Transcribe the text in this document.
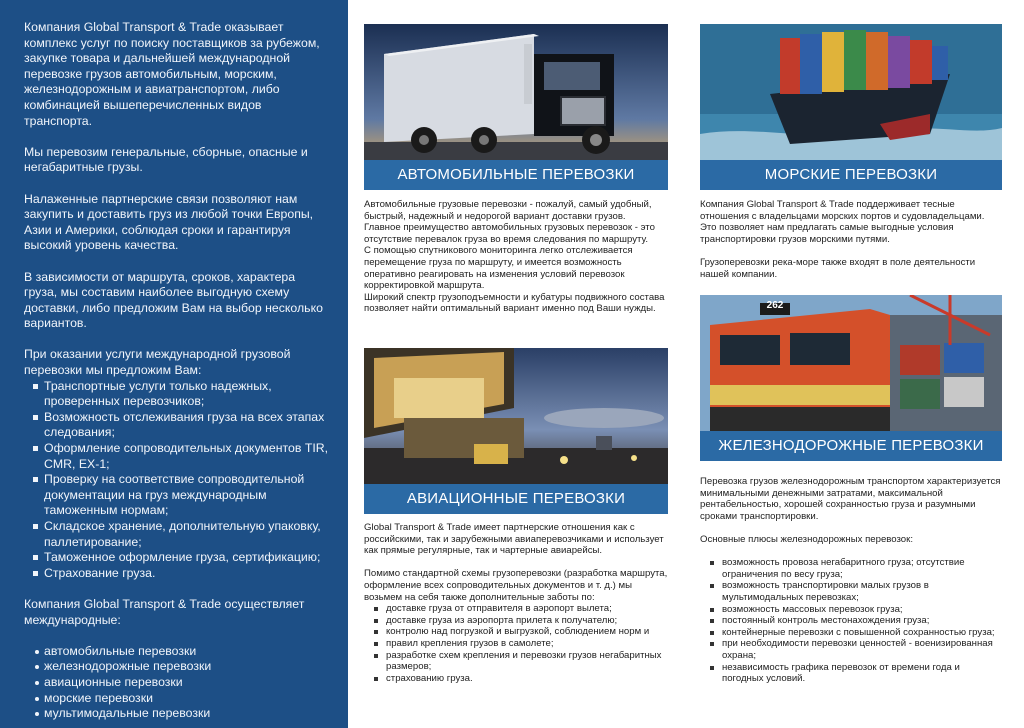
Компания Global Transport & Trade оказывает комплекс услуг по поиску поставщиков за рубежом, закупке товара и дальнейшей международной перевозке грузов автомобильным, морским, железнодорожным и авиатранспортом, либо комбинацией вышеперечисленных видов транспорта.

Мы перевозим генеральные, сборные, опасные и негабаритные грузы.

Налаженные партнерские связи позволяют нам закупить и доставить груз из любой точки Европы, Азии и Америки, соблюдая сроки и гарантируя высокий уровень качества.

В зависимости от маршрута, сроков, характера груза, мы составим наиболее выгодную схему доставки, либо предложим Вам на выбор несколько вариантов.

При оказании услуги международной грузовой перевозки мы предложим Вам:

Транспортные услуги только надежных, проверенных перевозчиков;
Возможность отслеживания груза на всех этапах следования;
Оформление сопроводительных документов TIR, CMR, EX-1;
Проверку на соответствие сопроводительной документации на груз международным таможенным нормам;
Складское хранение, дополнительную упаковку, паллетирование;
Таможенное оформление груза, сертификацию;
Страхование груза.

Компания Global Transport & Trade осуществляет международные:

автомобильные перевозки
железнодорожные перевозки
авиационные перевозки
морские перевозки
мультимодальные перевозки
АВТОМОБИЛЬНЫЕ ПЕРЕВОЗКИ

Автомобильные грузовые перевозки - пожалуй, самый удобный, быстрый, надежный и недорогой вариант доставки грузов.

Главное преимущество автомобильных грузовых перевозок - это отсутствие перевалок груза во время следования по маршруту.

С помощью спутникового мониторинга легко отслеживается перемещение груза по маршруту, и имеется возможность оперативно реагировать на изменения условий перевозок корректировкой маршрута.

Широкий спектр грузоподъемности и кубатуры подвижного состава позволяет найти оптимальный вариант именно под Ваши нужды.

АВИАЦИОННЫЕ ПЕРЕВОЗКИ

Global Transport & Trade имеет партнерские отношения как с российскими, так и зарубежными авиаперевозчиками и использует как прямые регулярные, так и чартерные авиарейсы.

Помимо стандартной схемы грузоперевозки (разработка маршрута, оформление всех сопроводительных документов и т. д.) мы возьмем на себя также дополнительные заботы по:

доставке груза от отправителя в аэропорт вылета;
доставке груза из аэропорта прилета к получателю;
контролю над погрузкой и выгрузкой, соблюдением норм и
правил крепления грузов в самолете;
разработке схем крепления и перевозки грузов негабаритных размеров;
страхованию груза.
МОРСКИЕ ПЕРЕВОЗКИ

Компания Global Transport & Trade поддерживает тесные отношения с владельцами морских портов и судовладельцами. Это позволяет нам предлагать самые выгодные условия транспортировки грузов морскими путями.

Грузоперевозки река-море также входят в поле деятельности нашей компании.

262
ЖЕЛЕЗНОДОРОЖНЫЕ ПЕРЕВОЗКИ

Перевозка грузов железнодорожным транспортом характеризуется минимальными денежными затратами, максимальной рентабельностью, хорошей сохранностью груза и разумными сроками транспортировки.

Основные плюсы железнодорожных перевозок:

возможность провоза негабаритного груза; отсутствие ограничения по весу груза;
возможность транспортировки малых грузов в мультимодальных перевозках;
возможность массовых перевозок груза;
постоянный контроль местонахождения груза;
контейнерные перевозки с повышенной сохранностью груза;
при необходимости перевозки ценностей - военизированная охрана;
независимость графика перевозок от времени года и погодных условий.
